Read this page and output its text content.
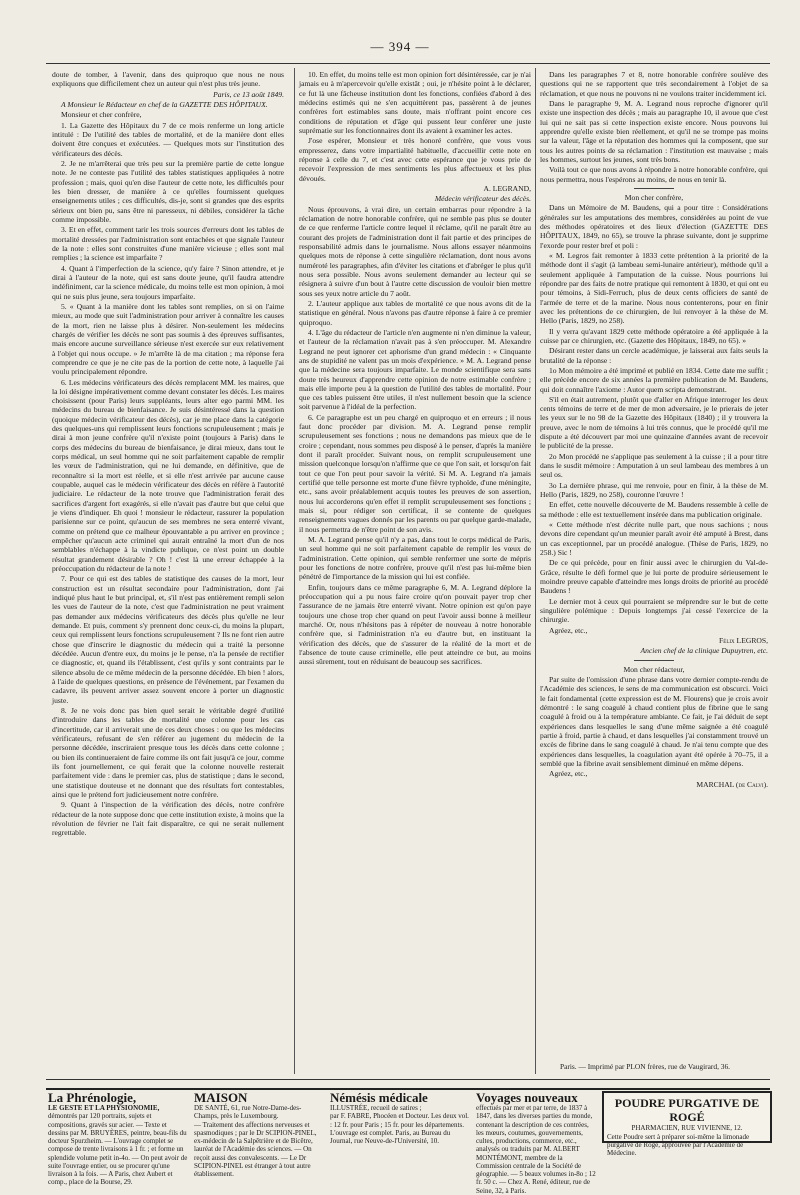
— 394 —

doute de tomber, à l'avenir, dans des quiproquo que nous ne nous expliquons que difficilement chez un auteur qui n'est plus très jeune.

Paris, ce 13 août 1849.

A Monsieur le Rédacteur en chef de la GAZETTE DES HÔPITAUX.

Monsieur et cher confrère,

1. La Gazette des Hôpitaux du 7 de ce mois renferme un long article intitulé : De l'utilité des tables de mortalité, et de la manière dont elles doivent être conçues et exécutées. — Quelques mots sur l'institution des vérificateurs des décès.

2. Je ne m'arrêterai que très peu sur la première partie de cette longue note. Je ne conteste pas l'utilité des tables statistiques appliquées à notre profession ; mais, quoi qu'en dise l'auteur de cette note, les difficultés pour les bien dresser, de manière à ce qu'elles fournissent quelques enseignements utiles ; ces difficultés, dis-je, sont si grandes que des esprits sérieux ont bien pu, sans être ni paresseux, ni débiles, considérer la tâche comme impossible.

3. Et en effet, comment tarir les trois sources d'erreurs dont les tables de mortalité dressées par l'administration sont entachées et que signale l'auteur de la note : elles sont construites d'une manière vicieuse ; elles sont mal remplies ; la science est imparfaite ?

4. Quant à l'imperfection de la science, qu'y faire ? Sinon attendre, et je dirai à l'auteur de la note, qui est sans doute jeune, qu'il faudra attendre indéfiniment, car la science médicale, du moins telle est mon opinion, à moi qui ne suis plus jeune, sera toujours imparfaite.

5. « Quant à la manière dont les tables sont remplies, on si on l'aime mieux, au mode que suit l'administration pour arriver à connaître les causes de la mort, rien ne laisse plus à désirer. Non-seulement les médecins chargés de vérifier les décès ne sont pas soumis à des épreuves suffisantes, mais encore aucune surveillance sérieuse n'est exercée sur eux relativement à l'objet qui nous occupe. » Je m'arrête là de ma citation ; ma réponse fera comprendre ce que je ne cite pas de la portion de cette note, à laquelle j'ai voulu principalement répondre.

6. Les médecins vérificateurs des décès remplacent MM. les maires, que la loi désigne impérativement comme devant constater les décès. Les maires choisissent (pour Paris) leurs suppléants, leurs alter ego parmi MM. les médecins du bureau de bienfaisance. Je suis désintéressé dans la question (quoique médecin vérificateur des décès), car je me place dans la catégorie des quelques-uns qui remplissent leurs fonctions scrupuleusement ; mais je dirai à mon jeune confrère qu'il n'existe point (toujours à Paris) dans le corps des médecins du bureau de bienfaisance, je dirai mieux, dans tout le corps médical, un seul homme qui ne soit parfaitement capable de remplir les vœux de l'administration, qui ne lui demande, en définitive, que de reconnaître si la mort est réelle, et si elle n'est arrivée par aucune cause coupable, auquel cas le médecin vérificateur des décès en réfère à l'autorité judiciaire. Le rédacteur de la note trouve que l'administration ferait des sacrifices d'argent fort exagérés, si elle n'avait pas d'autre but que celui que je viens d'indiquer. Eh quoi ! monsieur le rédacteur, rassurer la population parisienne sur ce point, qu'aucun de ses membres ne sera enterré vivant, comme on prétend que ce malheur épouvantable a pu arriver en province ; empêcher qu'aucun acte criminel qui aurait entraîné la mort d'un de nos semblables n'échappe à la vindicte publique, ce n'est point un double résultat grandement désirable ? Oh ! c'est là une erreur échappée à la préoccupation du rédacteur de la note !

7. Pour ce qui est des tables de statistique des causes de la mort, leur construction est un résultat secondaire pour l'administration, dont j'ai indiqué plus haut le but principal, et, s'il n'est pas entièrement rempli selon les vues de l'auteur de la note, c'est que l'administration ne peut vraiment pas demander aux médecins vérificateurs des décès plus qu'elle ne leur demande. Et puis, comment s'y prennent donc ceux-ci, du moins la plupart, ceux qui remplissent leurs fonctions scrupuleusement ? Ils ne font rien autre chose que d'inscrire le diagnostic du médecin qui a traité la personne décédée. Aucun d'entre eux, du moins je le pense, n'a la pensée de rectifier ce diagnostic, et, quand ils l'établissent, c'est qu'ils y sont contraints par le silence absolu de ce même médecin de la personne décédée. Eh bien ! alors, à l'aide de quelques questions, en présence de l'événement, par l'examen du cadavre, ils peuvent arriver assez souvent encore à porter un diagnostic juste.

8. Je ne vois donc pas bien quel serait le véritable degré d'utilité d'introduire dans les tables de mortalité une colonne pour les cas d'incertitude, car il arriverait une de ces deux choses : ou que les médecins vérificateurs, refusant de s'en référer au jugement du médecin de la personne décédée, inscriraient presque tous les décès dans cette colonne ; ou bien ils continueraient de faire comme ils ont fait jusqu'à ce jour, comme ils font journellement, ce qui ferait que la colonne nouvelle resterait parfaitement vide : dans le premier cas, plus de statistique ; dans le second, une statistique douteuse et ne donnant que des résultats fort contestables, ainsi que le prétend fort judicieusement notre confrère.

9. Quant à l'inspection de la vérification des décès, notre confrère rédacteur de la note suppose donc que cette institution existe, à moins que la révolution de février ne l'ait fait disparaître, ce qui ne serait nullement regrettable.

10. En effet, du moins telle est mon opinion fort désintéressée, car je n'ai jamais eu à m'apercevoir qu'elle existât ; oui, je n'hésite point à le déclarer, ce fut là une fâcheuse institution dont les fonctions, confiées d'abord à des médecins estimés qui ne s'en acquittèrent pas, passèrent à de jeunes confrères fort estimables sans doute, mais n'offrant point encore ces conditions de réputation et d'âge qui pussent leur conférer une juste suprématie sur les fonctionnaires dont ils avaient à examiner les actes.

J'ose espérer, Monsieur et très honoré confrère, que vous vous empresserez, dans votre impartialité habituelle, d'accueillir cette note en réponse à celle du 7, et c'est avec cette espérance que je vous prie de recevoir l'expression de mes sentiments les plus affectueux et les plus dévoués.

A. LEGRAND,

Médecin vérificateur des décès.

Nous éprouvons, à vrai dire, un certain embarras pour répondre à la réclamation de notre honorable confrère, qui ne semble pas plus se douter de ce que renferme l'article contre lequel il réclame, qu'il ne paraît être au courant des projets de l'administration dont il fait partie et des principes de responsabilité admis dans le journalisme. Nous allons essayer néanmoins quelques mots de réponse à cette singulière réclamation, dont nous avons numéroté les paragraphes, afin d'éviter les citations et d'abréger le plus qu'il nous sera possible. Nous avons seulement demander au lecteur qui se résignera à suivre d'un bout à l'autre cette discussion de vouloir bien mettre sous ses yeux notre article du 7 août.

2. L'auteur applique aux tables de mortalité ce que nous avons dit de la statistique en général. Nous n'avons pas d'autre réponse à faire à ce premier quiproquo.

4. L'âge du rédacteur de l'article n'en augmente ni n'en diminue la valeur, et l'auteur de la réclamation n'avait pas à s'en préoccuper. M. Alexandre Legrand ne peut ignorer cet aphorisme d'un grand médecin : « Cinquante ans de stupidité ne valent pas un mois d'expérience. » M. A. Legrand pense que la médecine sera toujours imparfaite. Le monde scientifique sera sans doute très heureux d'apprendre cette opinion de notre estimable confrère ; mais elle importe peu à la question de l'utilité des tables de mortalité. Pour que ces tables puissent être utiles, il n'est nullement besoin que la science soit parvenue à l'idéal de la perfection.

6. Ce paragraphe est un peu chargé en quiproquo et en erreurs ; il nous faut donc procéder par division. M. A. Legrand pense remplir scrupuleusement ses fonctions ; nous ne demandons pas mieux que de le croire ; cependant, nous sommes peu disposé à le penser, d'après la manière dont il paraît procéder. Suivant nous, on remplit scrupuleusement une mission quelconque lorsqu'on n'affirme que ce que l'on sait, et lorsqu'on fait tout ce que l'on peut pour savoir la vérité. Si M. A. Legrand n'a jamais certifié que telle personne est morte d'une fièvre typhoïde, d'une méningite, etc., sans avoir préalablement acquis toutes les preuves de son assertion, nous lui accorderons qu'en effet il remplit scrupuleusement ses fonctions ; mais si, pour rédiger son certificat, il se contente de quelques renseignements vagues donnés par les parents ou par quelque garde-malade, il nous permettra de n'être point de son avis.

M. A. Legrand pense qu'il n'y a pas, dans tout le corps médical de Paris, un seul homme qui ne soit parfaitement capable de remplir les vœux de l'administration. Cette opinion, qui semble renfermer une sorte de mépris pour les fonctions de notre confrère, prouve qu'il n'est pas lui-même bien pénétré de l'importance de la mission qui lui est confiée.

Enfin, toujours dans ce même paragraphe 6, M. A. Legrand déplore la préoccupation qui a pu nous faire croire qu'on pouvait payer trop cher l'assurance de ne jamais être enterré vivant. Notre opinion est qu'on paye toujours une chose trop cher quand on peut l'avoir aussi bonne à meilleur marché. Or, nous n'hésitons pas à répéter de nouveau à notre honorable confrère que, si l'administration n'a eu d'autre but, en instituant la vérification des décès, que de s'assurer de la réalité de la mort et de l'absence de toute cause criminelle, elle peut atteindre ce but, au moins aussi sûrement, tout en réduisant de beaucoup ses sacrifices.

Dans les paragraphes 7 et 8, notre honorable confrère soulève des questions qui ne se rapportent que très secondairement à l'objet de sa réclamation, et que nous ne pouvons ni ne voulons traiter incidemment ici.

Dans le paragraphe 9, M. A. Legrand nous reproche d'ignorer qu'il existe une inspection des décès ; mais au paragraphe 10, il avoue que c'est lui qui ne sait pas si cette inspection existe encore. Nous pouvons lui apprendre qu'elle existe bien réellement, et qu'il ne se trompe pas moins sur la valeur, l'âge et la réputation des hommes qui la composent, que sur tous les autres points de sa réclamation : l'institution est mauvaise ; mais les hommes, surtout les jeunes, sont très bons.

Voilà tout ce que nous avons à répondre à notre honorable confrère, qui nous permettra, nous l'espérons au moins, de nous en tenir là.

Mon cher confrère,

Dans un Mémoire de M. Baudens, qui a pour titre : Considérations générales sur les amputations des membres, considérées au point de vue des méthodes opératoires et des lieux d'élection (GAZETTE DES HÔPITAUX, 1849, no 65), se trouve la phrase suivante, dont je supprime l'exorde pour rester bref et poli :

« M. Legros fait remonter à 1833 cette prétention à la priorité de la méthode dont il s'agit (à lambeau semi-lunaire antérieur), méthode qu'il a seulement appliquée à l'amputation de la cuisse. Nous pourrions lui répondre par des faits de notre pratique qui remontent à 1830, et qui ont eu pour témoins, à Sidi-Ferruch, plus de deux cents officiers de santé de l'armée de terre et de la marine. Nous nous contenterons, pour en finir avec les prétentions de ce chirurgien, de lui renvoyer à la thèse de M. Hello (Paris, 1829, no 258).

Il y verra qu'avant 1829 cette méthode opératoire a été appliquée à la cuisse par ce chirurgien, etc. (Gazette des Hôpitaux, 1849, no 65). »

Désirant rester dans un cercle académique, je laisserai aux faits seuls la brutalité de la réponse :

1o Mon mémoire a été imprimé et publié en 1834. Cette date me suffit ; elle précède encore de six années la première publication de M. Baudens, qui doit connaître l'axiome : Autor quem scripta demonstrant.

S'il en était autrement, plutôt que d'aller en Afrique interroger les deux cents témoins de terre et de mer de mon adversaire, je le prierais de jeter les yeux sur le no 98 de la Gazette des Hôpitaux (1840) ; il y trouvera la preuve, avec le nom de témoins à lui très connus, que le procédé qu'il me dispute a été découvert par moi une quinzaine d'années avant de recevoir le publicité de la presse.

2o Mon procédé ne s'applique pas seulement à la cuisse ; il a pour titre dans le susdit mémoire : Amputation à un seul lambeau des membres à un seul os.

3o La dernière phrase, qui me renvoie, pour en finir, à la thèse de M. Hello (Paris, 1829, no 258), couronne l'œuvre !

En effet, cette nouvelle découverte de M. Baudens ressemble à celle de sa méthode : elle est textuellement insérée dans ma publication originale.

« Cette méthode n'est décrite nulle part, que nous sachions ; nous devons dire cependant qu'un meunier paraît avoir été amputé à Brest, dans un cas exceptionnel, par un procédé analogue. (Thèse de Paris, 1829, no 258.) Sic !

De ce qui précède, pour en finir aussi avec le chirurgien du Val-de-Grâce, résulte le défi formel que je lui porte de produire sérieusement le moindre preuve capable d'atteindre mes longs droits de priorité au procédé Baudens !

Le dernier mot à ceux qui pourraient se méprendre sur le but de cette singulière polémique : Depuis longtemps j'ai cessé l'exercice de la chirurgie.

Agréez, etc.,

Félix LEGROS,

Ancien chef de la clinique Dupuytren, etc.

Mon cher rédacteur,

Par suite de l'omission d'une phrase dans votre dernier compte-rendu de l'Académie des sciences, le sens de ma communication est obscurci. Voici le fait fondamental (cette expression est de M. Flourens) que je crois avoir démontré : le sang coagulé à chaud contient plus de fibrine que le sang coagulé à froid ou à la température ambiante. Ce fait, je l'ai déduit de sept expériences dans lesquelles le sang d'une même saignée a été coagulé partie à froid, partie à chaud, et dans lesquelles j'ai constamment trouvé un excès de fibrine dans le sang coagulé à chaud. Je n'ai tenu compte que des expériences dans lesquelles, la coagulation ayant été opérée à 70–75, il a semblé que la fibrine avait sensiblement diminué en même dépens.

Agréez, etc.,

MARCHAL (de Calvi).

Paris. — Imprimé par PLON frères, rue de Vaugirard, 36.
La Phrénologie,
LE GESTE ET LA PHYSIONOMIE,
démontrés par 120 portraits, sujets et compositions, gravés sur acier. — Texte et dessins par M. BRUYÈRES, peintre, beau-fils du docteur Spurzheim. — L'ouvrage complet se compose de trente livraisons à 1 fr. ; et forme un splendide volume petit in-4o. — On peut avoir de suite l'ouvrage entier, ou se procurer qu'une livraison à la fois. — A Paris, chez Aubert et comp., place de la Bourse, 29.
MAISON
DE SANTÉ, 61, rue Notre-Dame-des-Champs, près le Luxembourg.
— Traitement des affections nerveuses et spasmodiques ; par le Dr SCIPION-PINEL, ex-médecin de la Salpêtrière et de Bicêtre, lauréat de l'Académie des sciences. — On reçoit aussi des convalescents. — Le Dr SCIPION-PINEL est étranger à tout autre établissement.
Némésis médicale
ILLUSTRÉE, recueil de satires ;
par F. FABRE, Phocéen et Docteur. Les deux vol. : 12 fr. pour Paris ; 15 fr. pour les départements. L'ouvrage est complet. Paris, au Bureau du Journal, rue Neuve-de-l'Université, 10.
Voyages nouveaux
effectués par mer et par terre, de 1837 à 1847, dans les diverses parties du monde, contenant la description de ces contrées, les mœurs, coutumes, gouvernements, cultes, productions, commerce, etc., analysés ou traduits par M. ALBERT MONTÉMONT, membre de la Commission centrale de la Société de géographie. — 5 beaux volumes in-8o ; 12 fr. 50 c. — Chez A. René, éditeur, rue de Seine, 32, à Paris.
POUDRE PURGATIVE DE ROGÉ
PHARMACIEN, RUE VIVIENNE, 12.
Cette Poudre sert à préparer soi-même la limonade purgative de Rogé, approuvée par l'Académie de Médecine.
